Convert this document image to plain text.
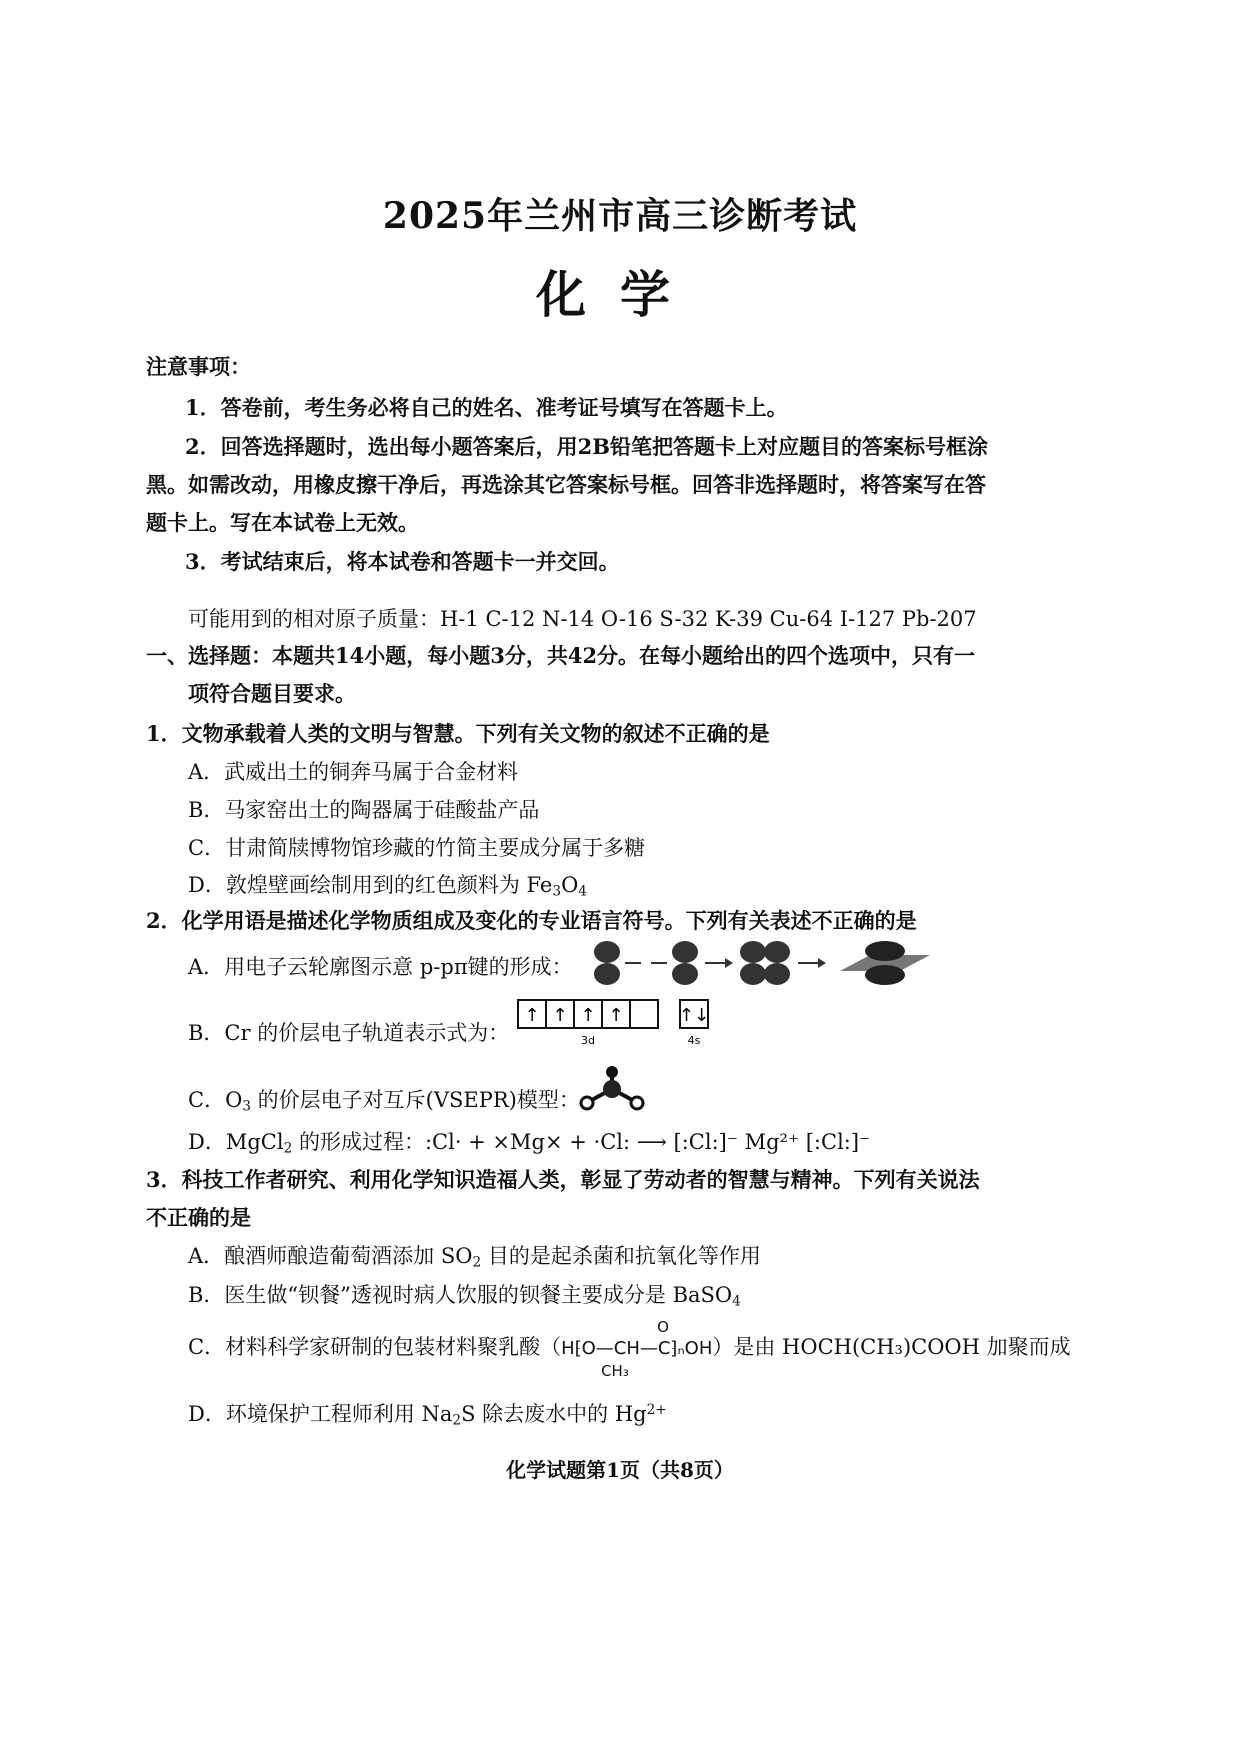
2025年兰州市高三诊断考试
化学
注意事项：
1．答卷前，考生务必将自己的姓名、准考证号填写在答题卡上。
2．回答选择题时，选出每小题答案后，用2B铅笔把答题卡上对应题目的答案标号框涂
黑。如需改动，用橡皮擦干净后，再选涂其它答案标号框。回答非选择题时，将答案写在答
题卡上。写在本试卷上无效。
3．考试结束后，将本试卷和答题卡一并交回。
可能用到的相对原子质量：H-1 C-12 N-14 O-16 S-32 K-39 Cu-64 I-127 Pb-207
一、选择题：本题共14小题，每小题3分，共42分。在每小题给出的四个选项中，只有一
项符合题目要求。
1．文物承载着人类的文明与智慧。下列有关文物的叙述不正确的是
A．武威出土的铜奔马属于合金材料
B．马家窑出土的陶器属于硅酸盐产品
C．甘肃简牍博物馆珍藏的竹简主要成分属于多糖
D．敦煌壁画绘制用到的红色颜料为 $Fe_3O_4$
2．化学用语是描述化学物质组成及变化的专业语言符号。下列有关表述不正确的是
A．用电子云轮廓图示意 p-pπ键的形成：
B．Cr 的价层电子轨道表示式为：
↑ ↑ ↑ ↑	↑↓
3d	4s
C．$O_3$ 的价层电子对互斥(VSEPR)模型：
D．MgCl$_2$ 的形成过程：:Cl· + ×Mg× + ·Cl: ⟶ [:Cl:]⁻ Mg²⁺ [:Cl:]⁻
3．科技工作者研究、利用化学知识造福人类，彰显了劳动者的智慧与精神。下列有关说法
不正确的是
A．酿酒师酿造葡萄酒添加 $SO_2$ 目的是起杀菌和抗氧化等作用
B．医生做“钡餐”透视时病人饮服的钡餐主要成分是 BaSO$_4$
C．材料科学家研制的包装材料聚乳酸（H⁅O—CH—C⁆ₙOH
CH₃
O
）是由 HOCH(CH₃)COOH 加聚而成
D．环境保护工程师利用 $Na_2S$ 除去废水中的 $Hg^{2+}$
化学试题第1页（共8页）
